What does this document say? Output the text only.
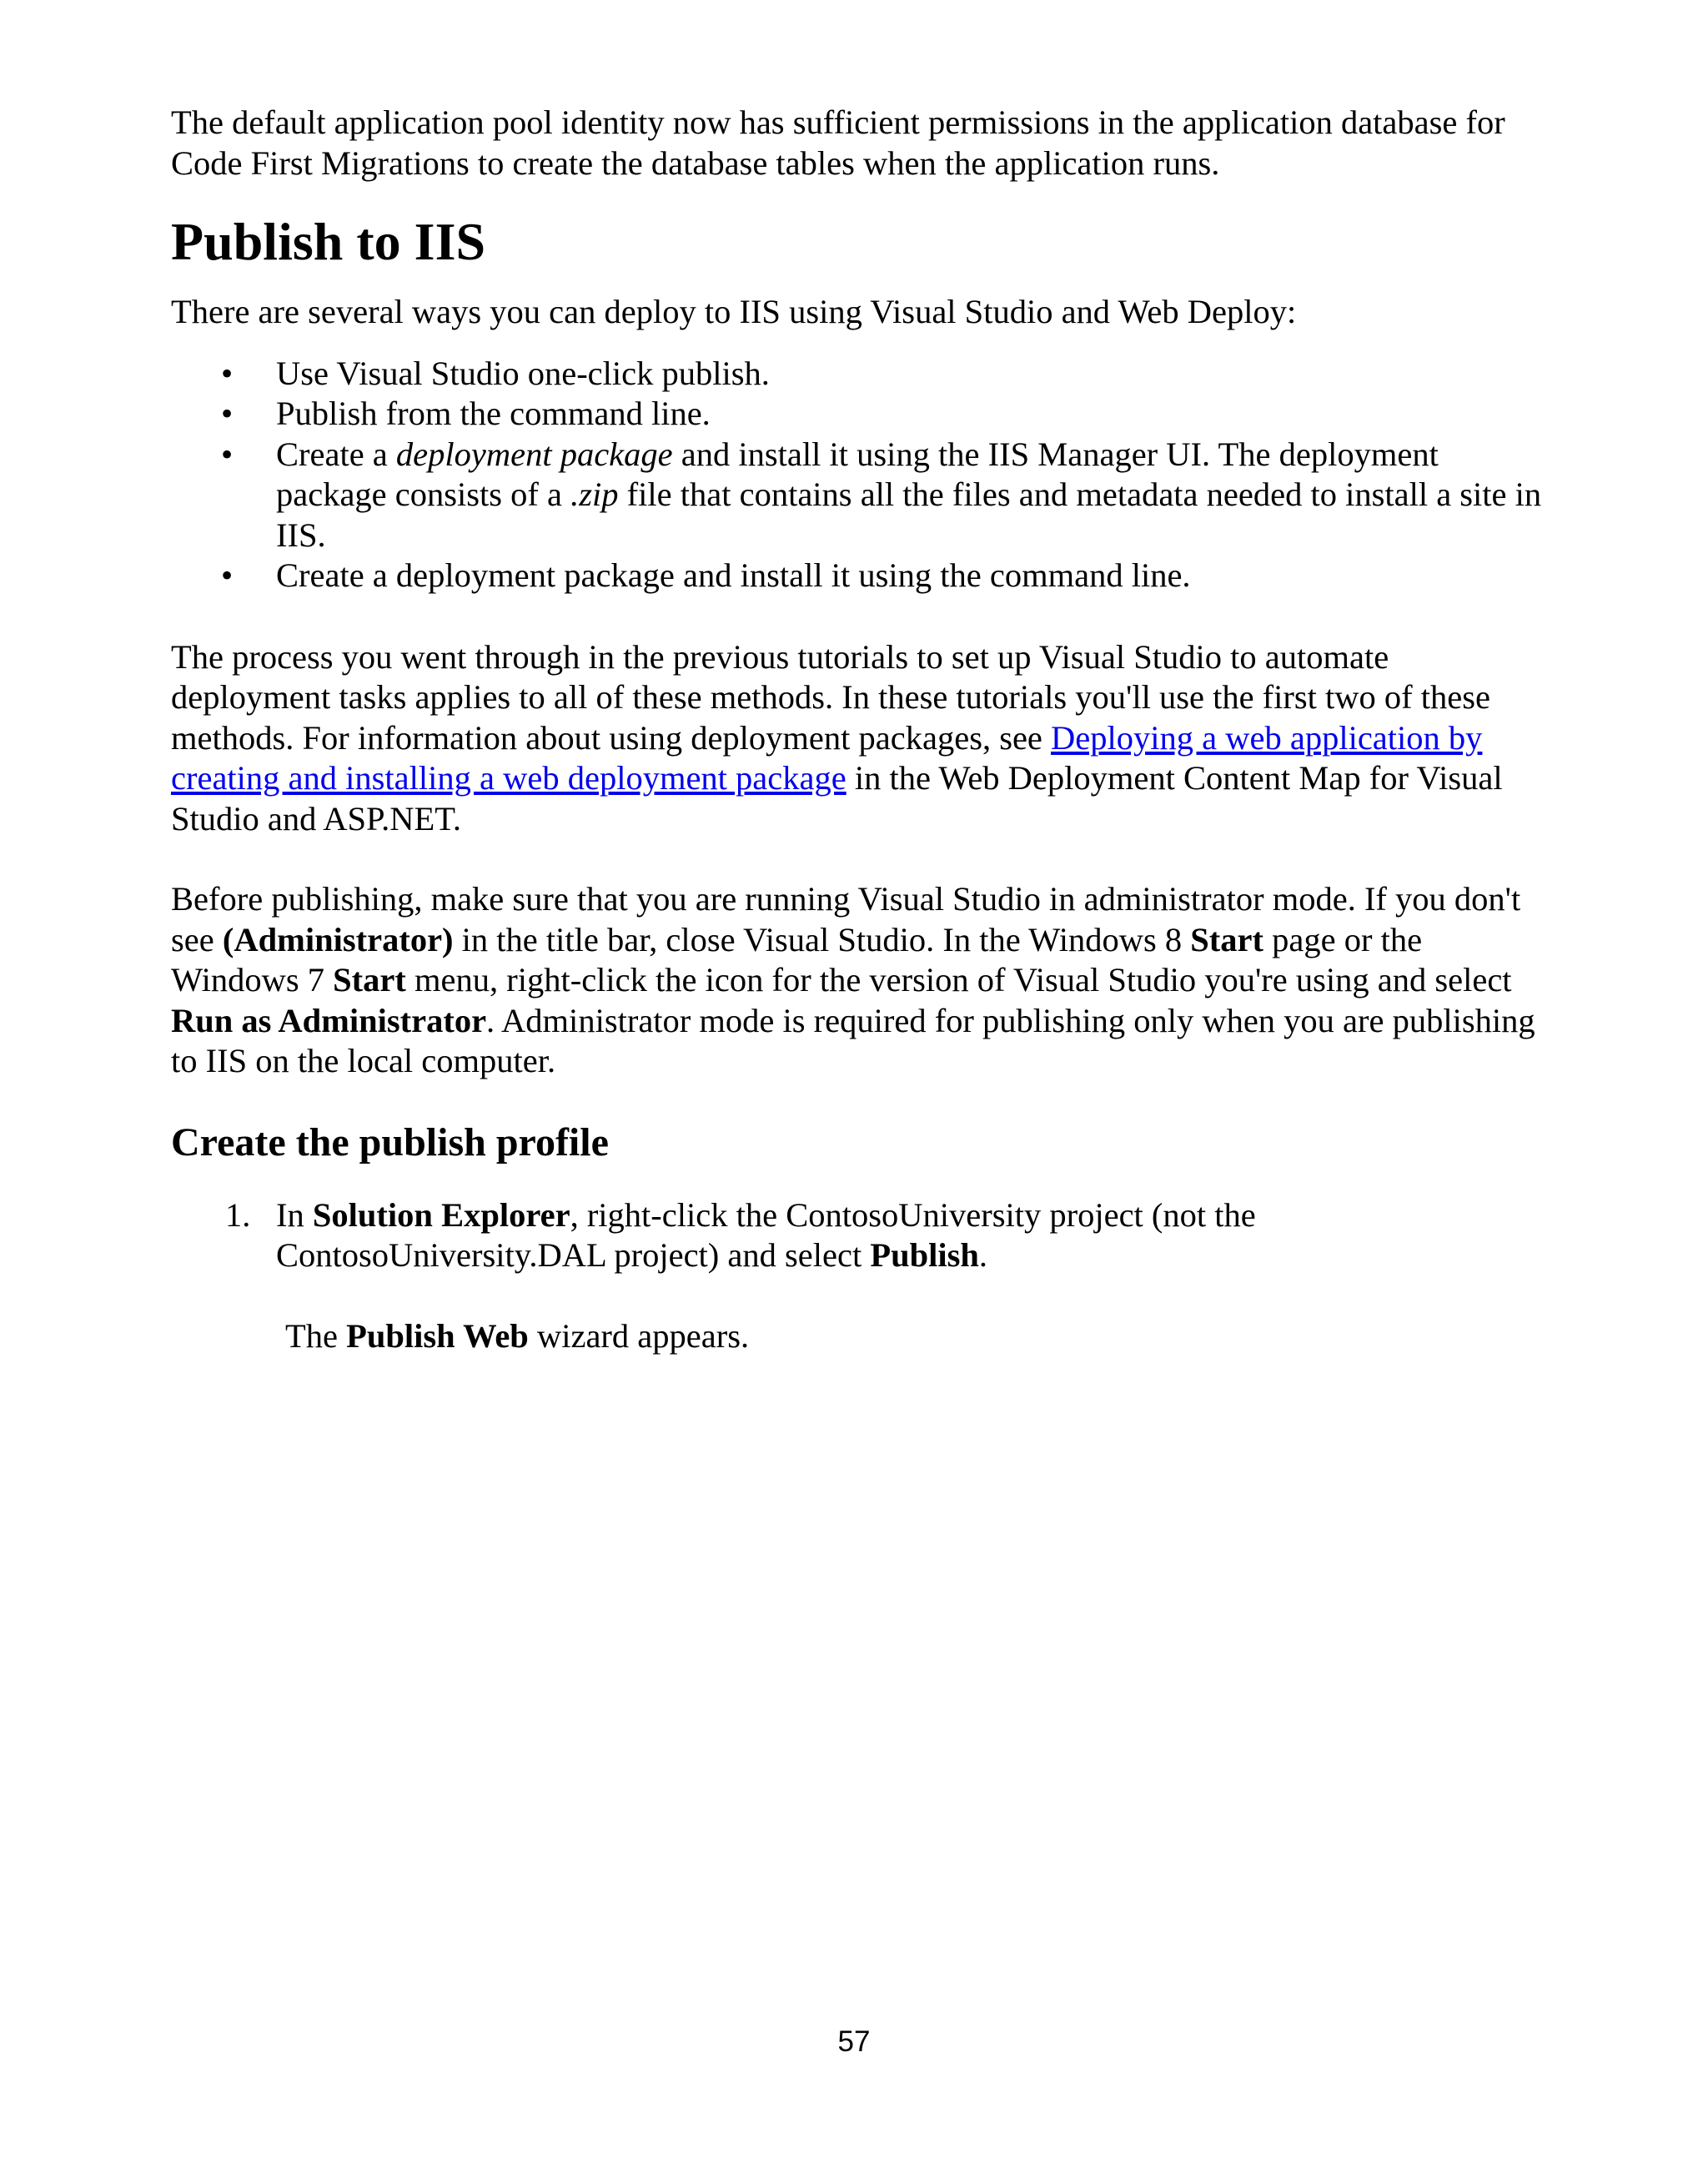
The default application pool identity now has sufficient permissions in the application database for Code First Migrations to create the database tables when the application runs.

Publish to IIS

There are several ways you can deploy to IIS using Visual Studio and Web Deploy:

• Use Visual Studio one-click publish.
• Publish from the command line.
• Create a deployment package and install it using the IIS Manager UI. The deployment package consists of a .zip file that contains all the files and metadata needed to install a site in IIS.
• Create a deployment package and install it using the command line.

The process you went through in the previous tutorials to set up Visual Studio to automate deployment tasks applies to all of these methods. In these tutorials you'll use the first two of these methods. For information about using deployment packages, see Deploying a web application by creating and installing a web deployment package in the Web Deployment Content Map for Visual Studio and ASP.NET.

Before publishing, make sure that you are running Visual Studio in administrator mode. If you don't see (Administrator) in the title bar, close Visual Studio. In the Windows 8 Start page or the Windows 7 Start menu, right-click the icon for the version of Visual Studio you're using and select Run as Administrator. Administrator mode is required for publishing only when you are publishing to IIS on the local computer.

Create the publish profile
1. In Solution Explorer, right-click the ContosoUniversity project (not the ContosoUniversity.DAL project) and select Publish.

The Publish Web wizard appears.

57
